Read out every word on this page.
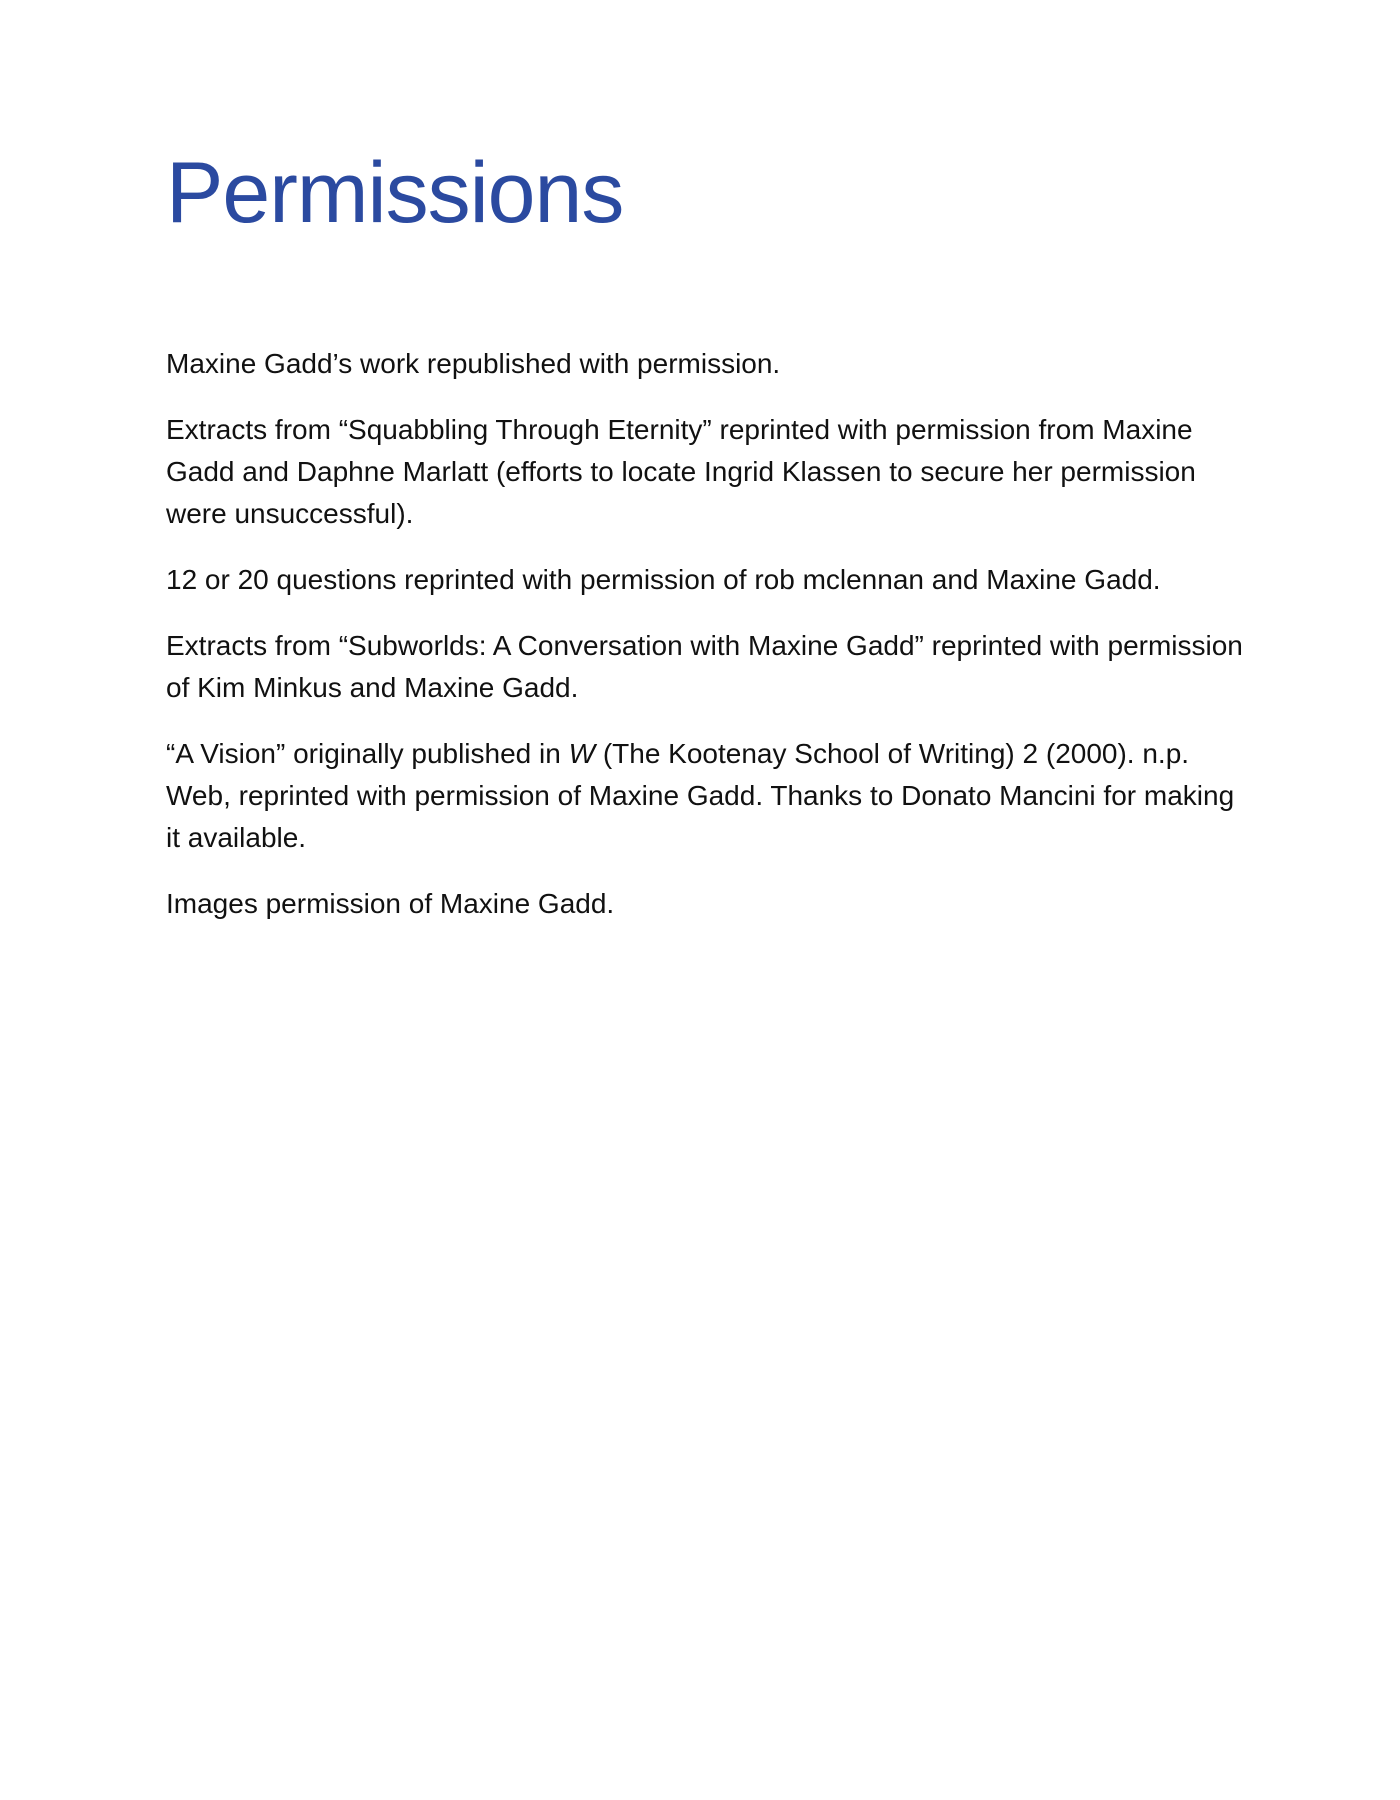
Permissions

Maxine Gadd’s work republished with permission.

Extracts from “Squabbling Through Eternity” reprinted with permission from Maxine Gadd and Daphne Marlatt (efforts to locate Ingrid Klassen to secure her permission were unsuccessful).

12 or 20 questions reprinted with permission of rob mclennan and Maxine Gadd.

Extracts from “Subworlds: A Conversation with Maxine Gadd” reprinted with permission of Kim Minkus and Maxine Gadd.

“A Vision” originally published in W (The Kootenay School of Writing) 2 (2000). n.p. Web, reprinted with permission of Maxine Gadd. Thanks to Donato Mancini for making it available.

Images permission of Maxine Gadd.
